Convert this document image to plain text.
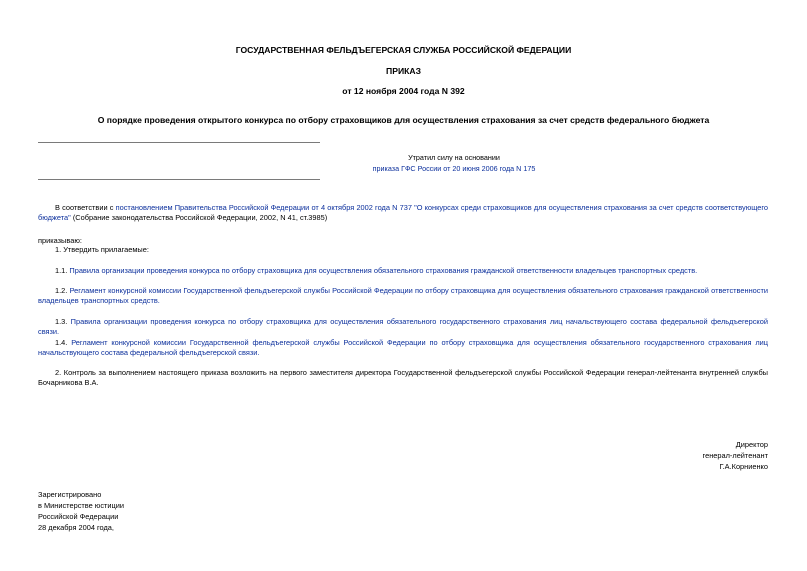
ГОСУДАРСТВЕННАЯ ФЕЛЬДЪЕГЕРСКАЯ СЛУЖБА РОССИЙСКОЙ ФЕДЕРАЦИИ
ПРИКАЗ
от 12 ноября 2004 года N 392
О порядке проведения открытого конкурса по отбору страховщиков для осуществления страхования за счет средств федерального бюджета
Утратил силу на основании
приказа ГФС России от 20 июня 2006 года N 175
В соответствии с постановлением Правительства Российской Федерации от 4 октября 2002 года N 737 "О конкурсах среди страховщиков для осуществления страхования за счет средств соответствующего бюджета" (Собрание законодательства Российской Федерации, 2002, N 41, ст.3985)
приказываю:
1. Утвердить прилагаемые:
1.1. Правила организации проведения конкурса по отбору страховщика для осуществления обязательного страхования гражданской ответственности владельцев транспортных средств.
1.2. Регламент конкурсной комиссии Государственной фельдъегерской службы Российской Федерации по отбору страховщика для осуществления обязательного страхования гражданской ответственности владельцев транспортных средств.
1.3. Правила организации проведения конкурса по отбору страховщика для осуществления обязательного государственного страхования лиц начальствующего состава федеральной фельдъегерской связи.
1.4. Регламент конкурсной комиссии Государственной фельдъегерской службы Российской Федерации по отбору страховщика для осуществления обязательного государственного страхования лиц начальствующего состава федеральной фельдъегерской связи.
2. Контроль за выполнением настоящего приказа возложить на первого заместителя директора Государственной фельдъегерской службы Российской Федерации генерал-лейтенанта внутренней службы Бочарникова В.А.
Директор
генерал-лейтенант
Г.А.Корниенко
Зарегистрировано
в Министерстве юстиции
Российской Федерации
28 декабря 2004 года,
